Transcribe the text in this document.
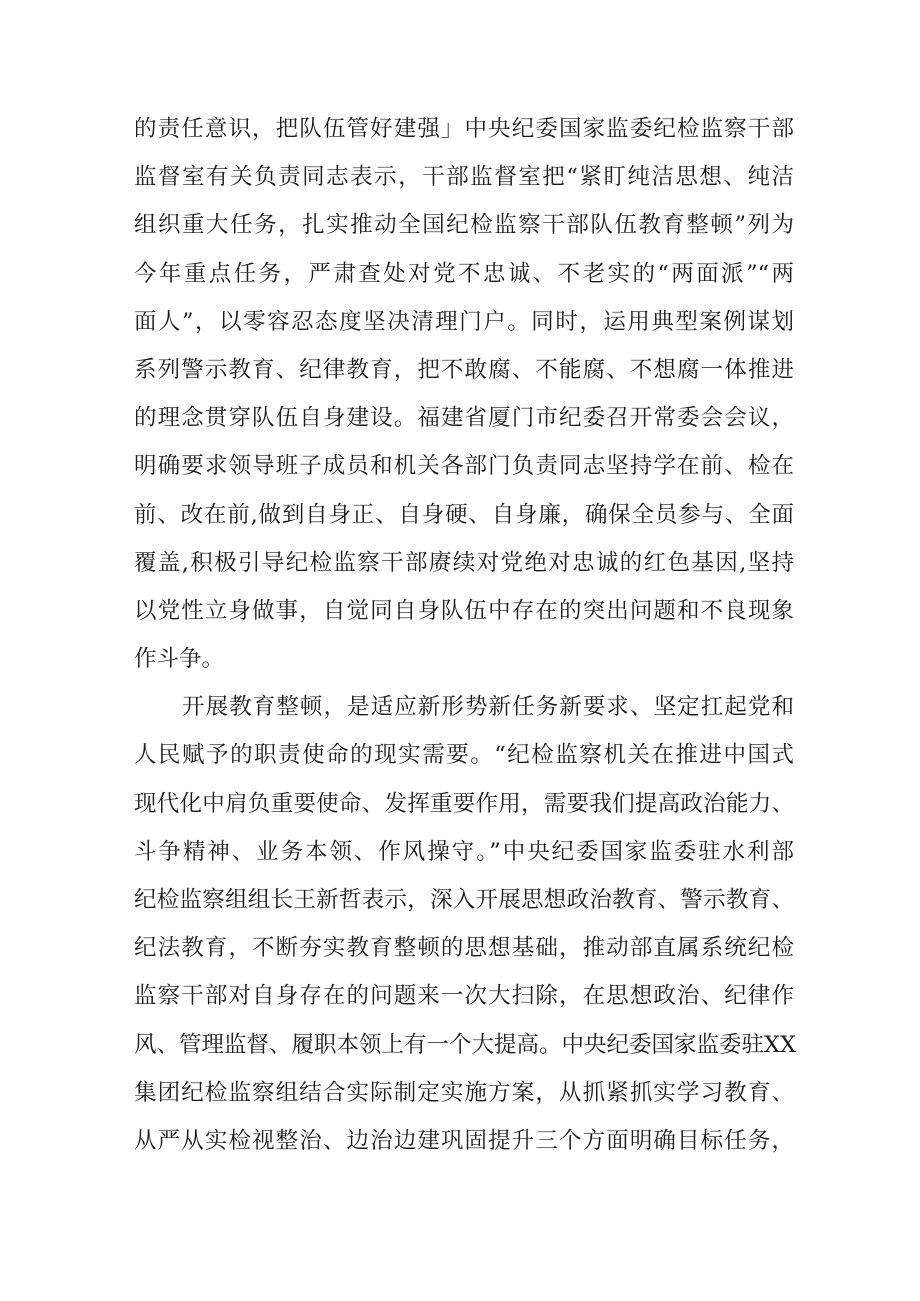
的责任意识，把队伍管好建强」中央纪委国家监委纪检监察干部
监督室有关负责同志表示，干部监督室把“紧盯纯洁思想、纯洁
组织重大任务，扎实推动全国纪检监察干部队伍教育整顿”列为
今年重点任务，严肃查处对党不忠诚、不老实的“两面派”“两
面人”，以零容忍态度坚决清理门户。同时，运用典型案例谋划
系列警示教育、纪律教育，把不敢腐、不能腐、不想腐一体推进
的理念贯穿队伍自身建设。福建省厦门市纪委召开常委会会议，
明确要求领导班子成员和机关各部门负责同志坚持学在前、检在
前、改在前,做到自身正、自身硬、自身廉，确保全员参与、全面
覆盖,积极引导纪检监察干部赓续对党绝对忠诚的红色基因,坚持
以党性立身做事，自觉同自身队伍中存在的突出问题和不良现象
作斗争。
开展教育整顿，是适应新形势新任务新要求、坚定扛起党和
人民赋予的职责使命的现实需要。“纪检监察机关在推进中国式
现代化中肩负重要使命、发挥重要作用，需要我们提高政治能力、
斗争精神、业务本领、作风操守。”中央纪委国家监委驻水利部
纪检监察组组长王新哲表示，深入开展思想政治教育、警示教育、
纪法教育，不断夯实教育整顿的思想基础，推动部直属系统纪检
监察干部对自身存在的问题来一次大扫除，在思想政治、纪律作
风、管理监督、履职本领上有一个大提高。中央纪委国家监委驻XX
集团纪检监察组结合实际制定实施方案，从抓紧抓实学习教育、
从严从实检视整治、边治边建巩固提升三个方面明确目标任务，
